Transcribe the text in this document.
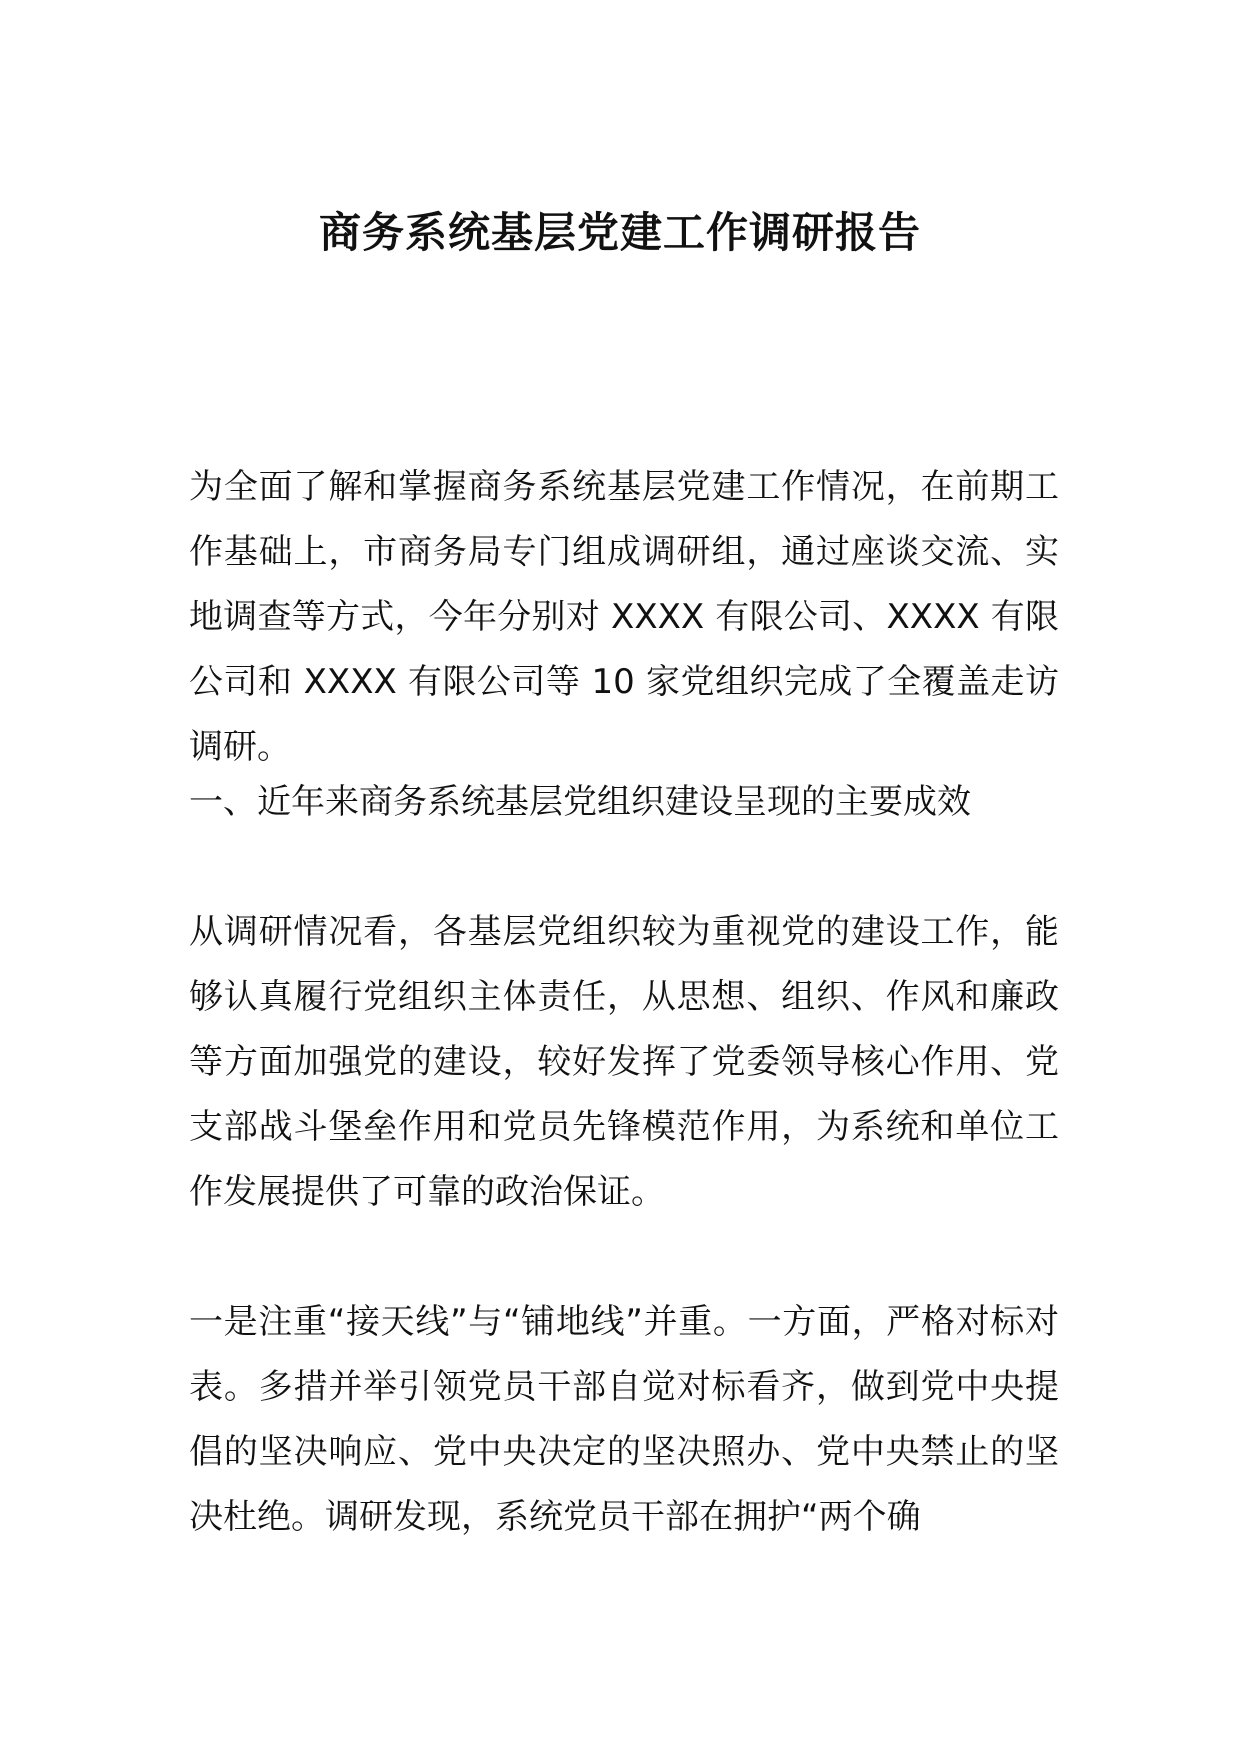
商务系统基层党建工作调研报告

为全面了解和掌握商务系统基层党建工作情况，在前期工作基础上，市商务局专门组成调研组，通过座谈交流、实地调查等方式，今年分别对 XXXX 有限公司、XXXX 有限公司和 XXXX 有限公司等 10 家党组织完成了全覆盖走访调研。

一、近年来商务系统基层党组织建设呈现的主要成效

从调研情况看，各基层党组织较为重视党的建设工作，能够认真履行党组织主体责任，从思想、组织、作风和廉政等方面加强党的建设，较好发挥了党委领导核心作用、党支部战斗堡垒作用和党员先锋模范作用，为系统和单位工作发展提供了可靠的政治保证。

一是注重“接天线”与“铺地线”并重。一方面，严格对标对表。多措并举引领党员干部自觉对标看齐，做到党中央提倡的坚决响应、党中央决定的坚决照办、党中央禁止的坚决杜绝。调研发现，系统党员干部在拥护“两个确
